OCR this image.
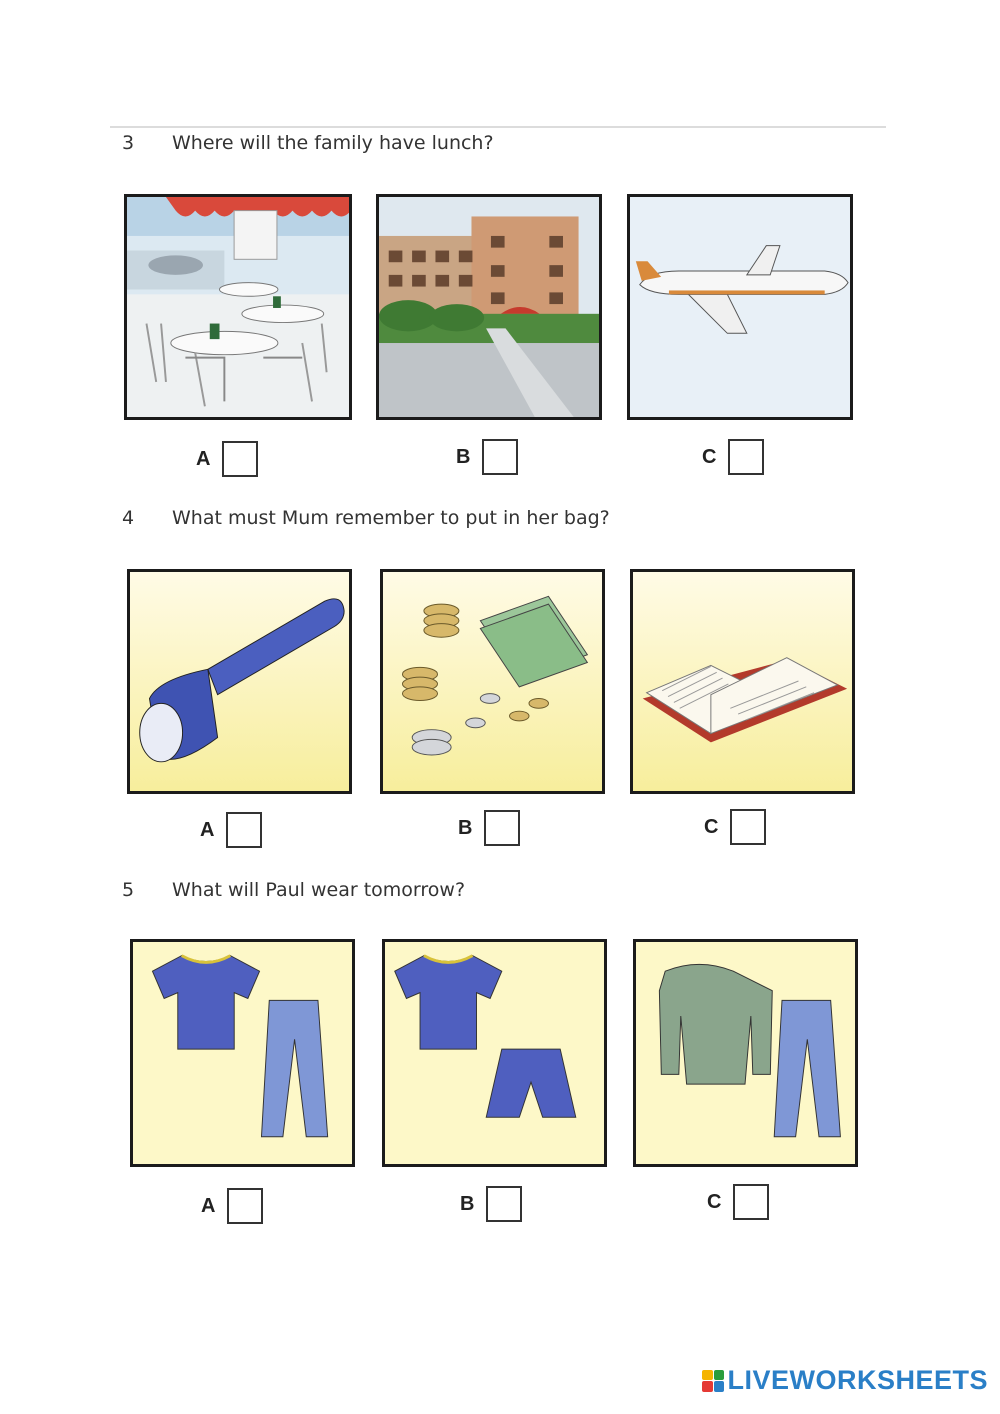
3 Where will the family have lunch?
A	B	C
4 What must Mum remember to put in her bag?
A	B	C
5 What will Paul wear tomorrow?
A	B	C
LIVEWORKSHEETS
